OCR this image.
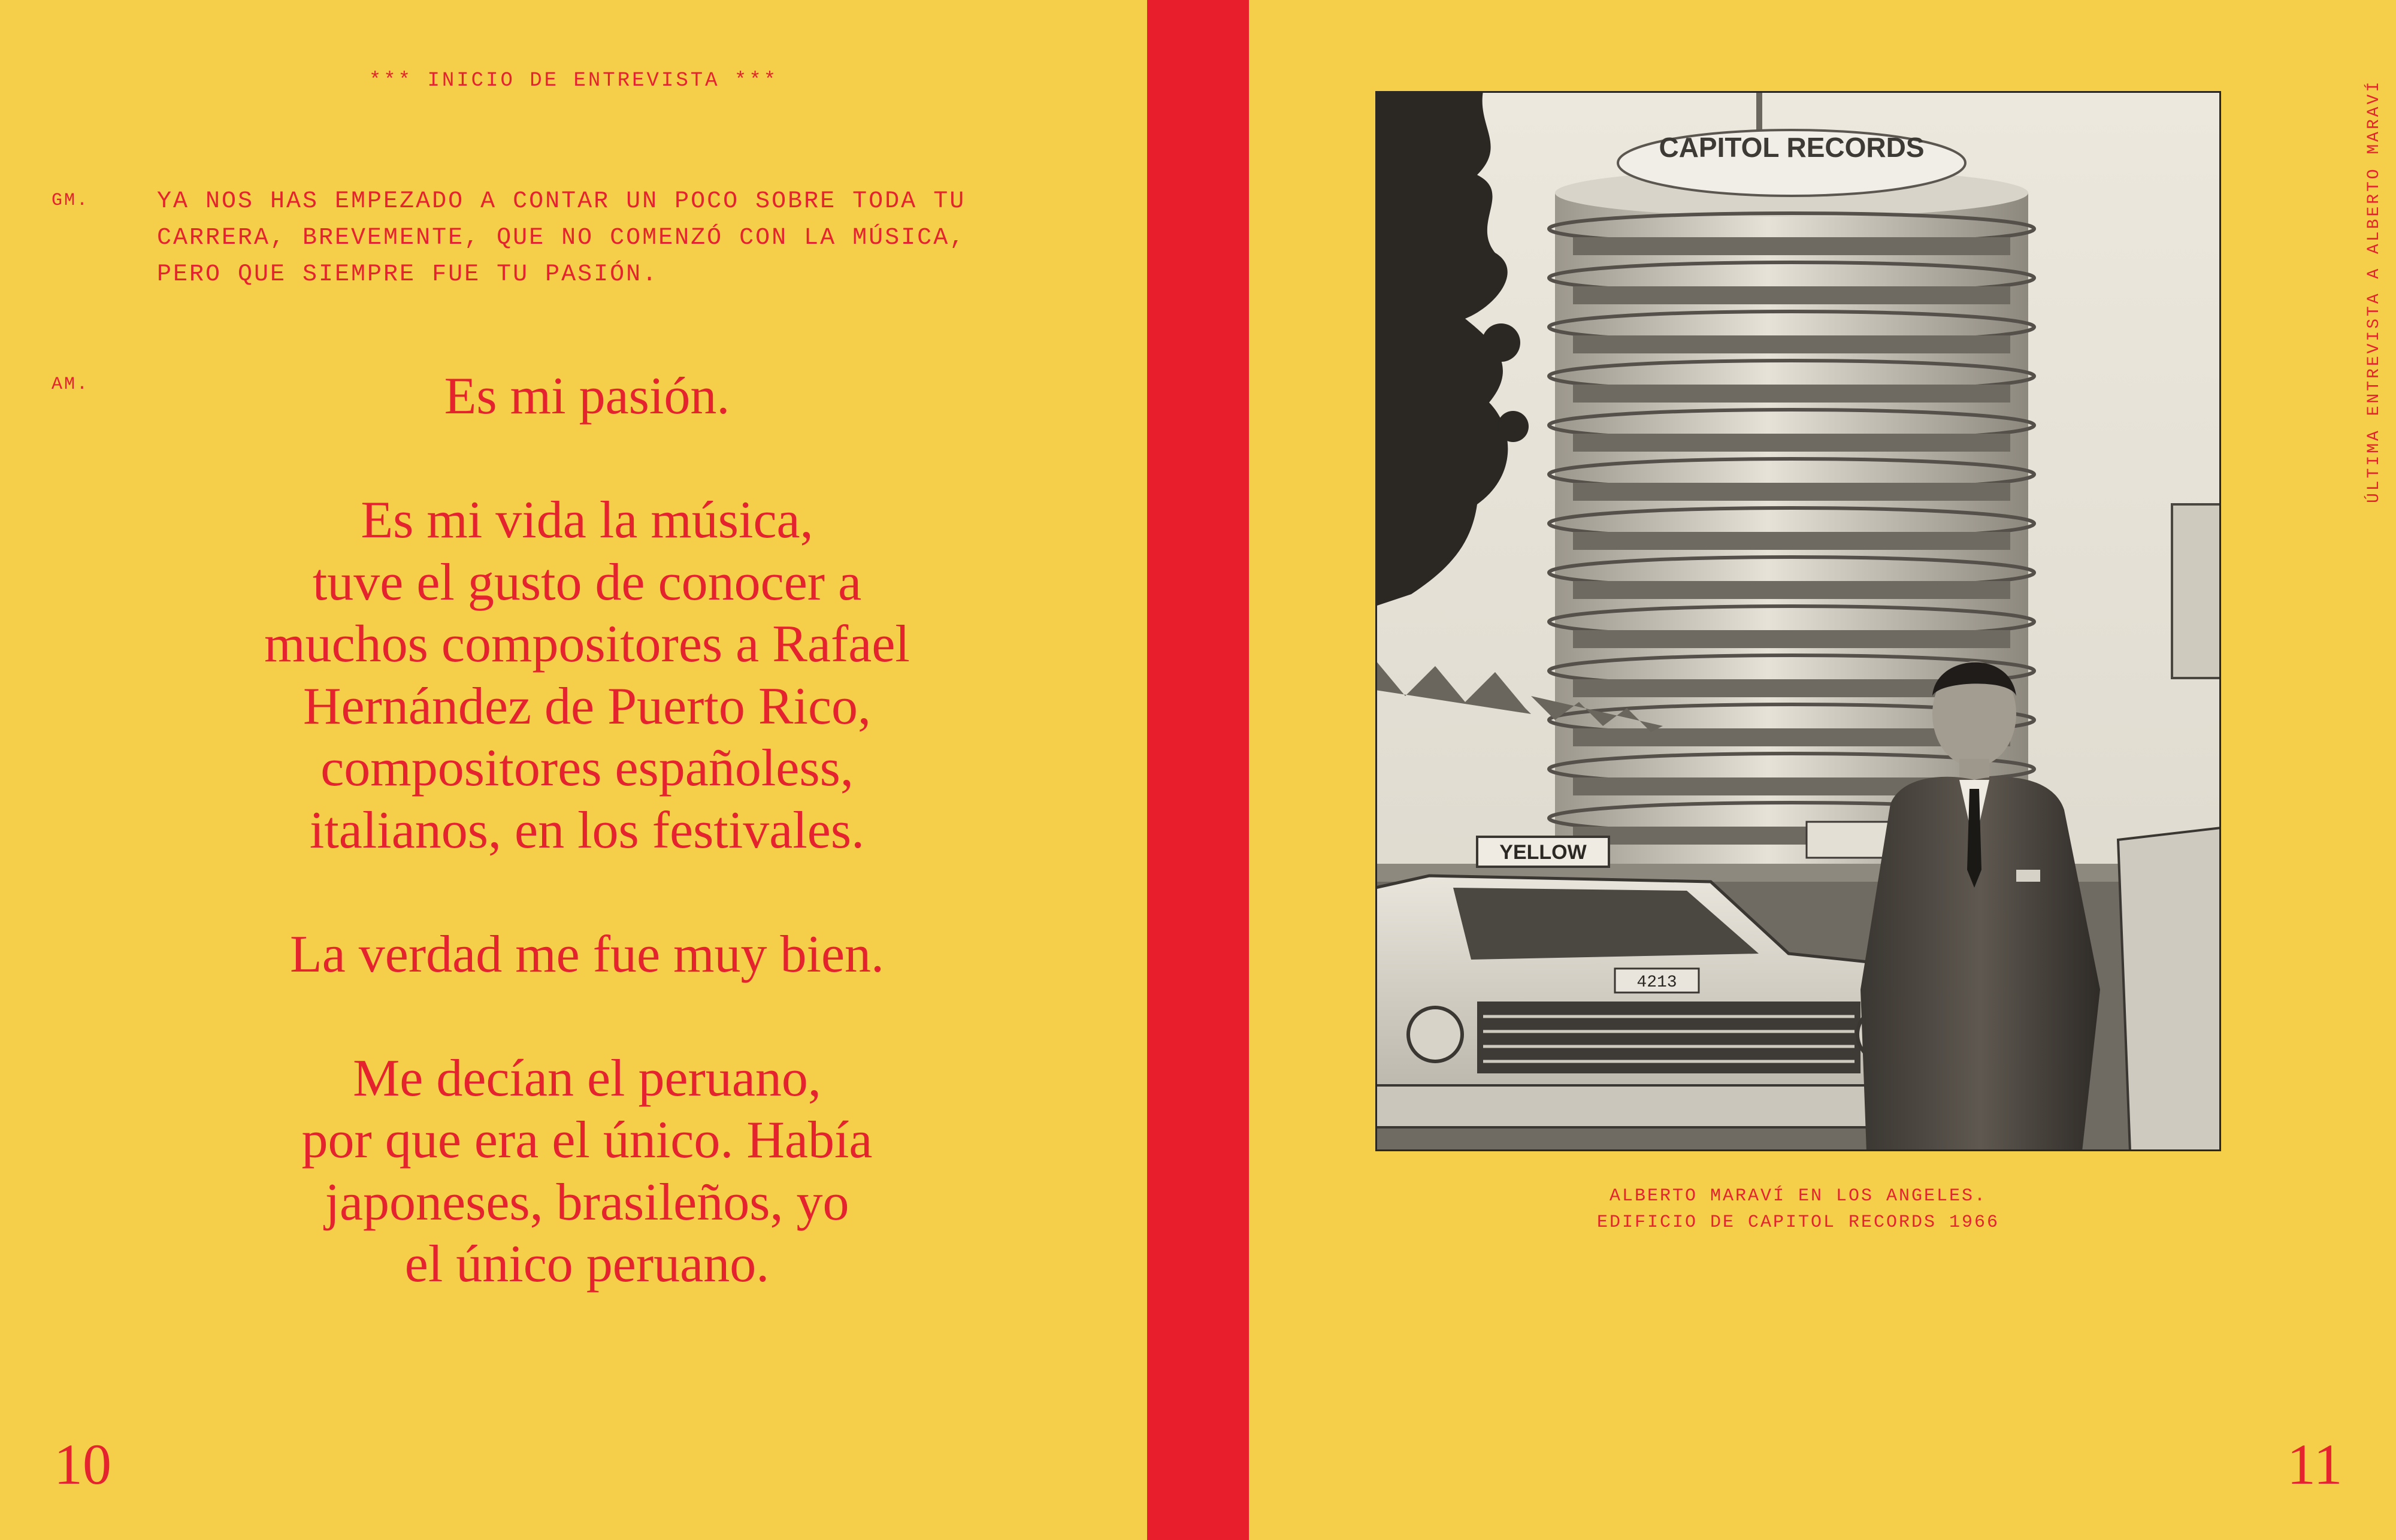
*** INICIO DE ENTREVISTA ***
GM.	YA NOS HAS EMPEZADO A CONTAR UN POCO SOBRE TODA TU
CARRERA, BREVEMENTE, QUE NO COMENZÓ CON LA MÚSICA,
PERO QUE SIEMPRE FUE TU PASIÓN.
AM.	Es mi pasión.

Es mi vida la música,
tuve el gusto de conocer a
muchos compositores a Rafael
Hernández de Puerto Rico,
compositores españoless,
italianos, en los festivales.

La verdad me fue muy bien.

Me decían el peruano,
por que era el único. Había
japoneses, brasileños, yo
el único peruano.

10
CAPITOL RECORDS
YELLOW
4213
ALBERTO MARAVÍ EN LOS ANGELES.
EDIFICIO DE CAPITOL RECORDS 1966
ÚLTIMA ENTREVISTA A ALBERTO MARAVÍ
11
